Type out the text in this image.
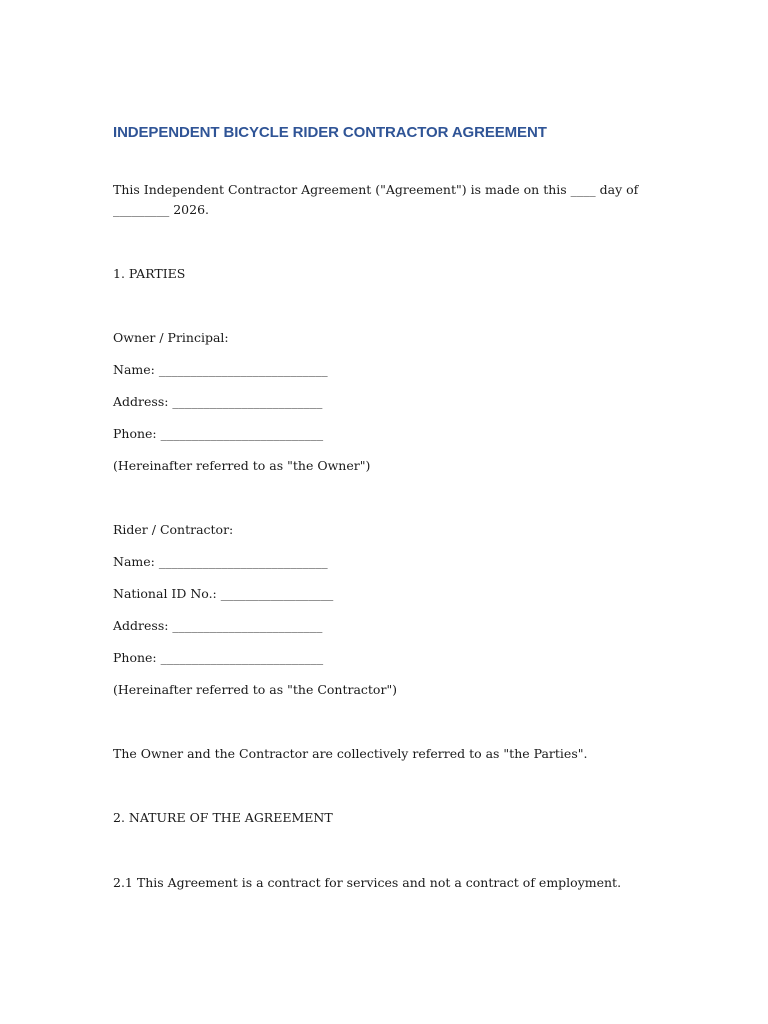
INDEPENDENT BICYCLE RIDER CONTRACTOR AGREEMENT

This Independent Contractor Agreement ("Agreement") is made on this ____ day of _________ 2026.

1. PARTIES

Owner / Principal:

Name: ___________________________

Address: ________________________

Phone: __________________________

(Hereinafter referred to as "the Owner")

Rider / Contractor:

Name: ___________________________

National ID No.: __________________

Address: ________________________

Phone: __________________________

(Hereinafter referred to as "the Contractor")

The Owner and the Contractor are collectively referred to as "the Parties".

2. NATURE OF THE AGREEMENT

2.1 This Agreement is a contract for services and not a contract of employment.
